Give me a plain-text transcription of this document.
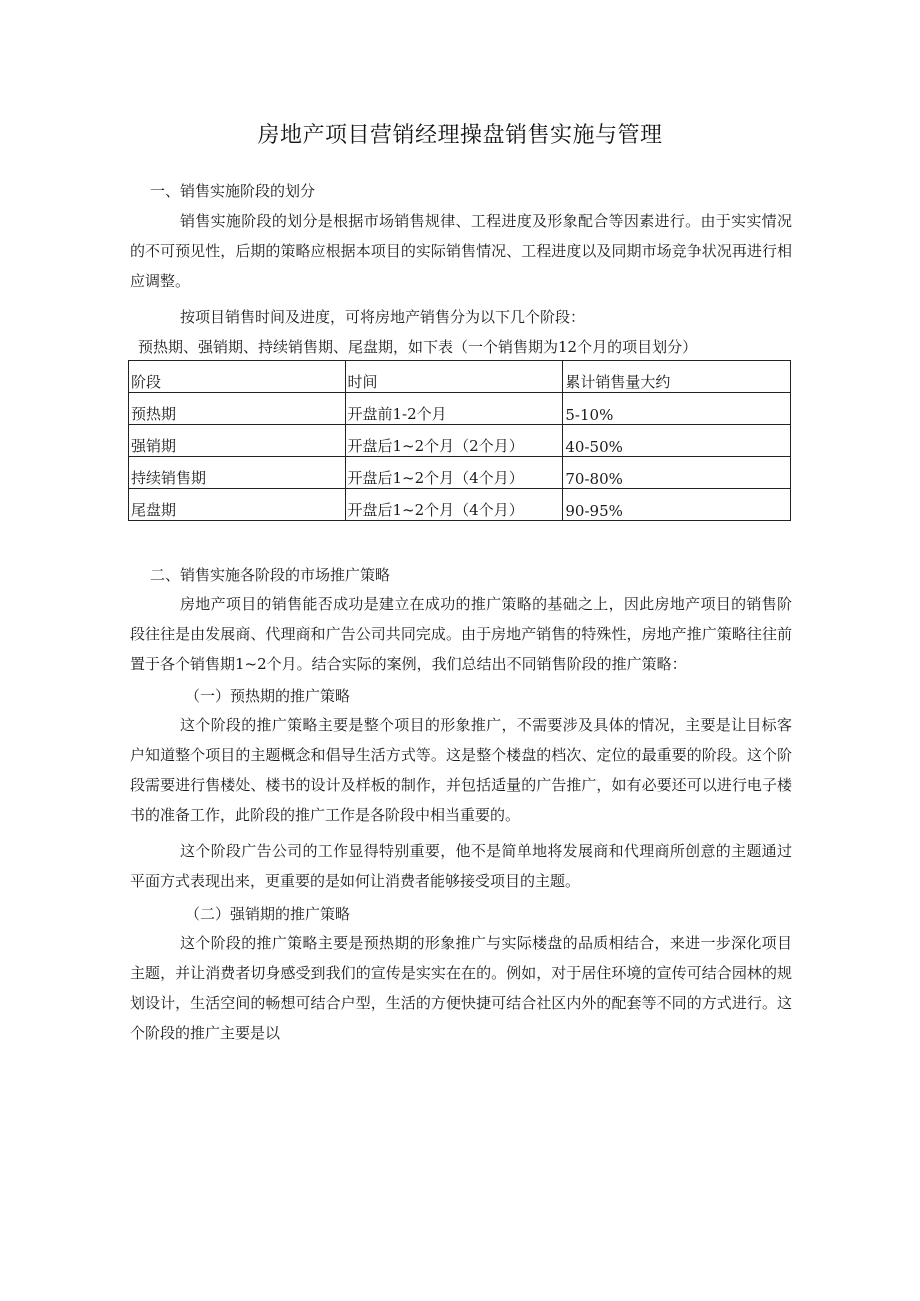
房地产项目营销经理操盘销售实施与管理
一、销售实施阶段的划分
销售实施阶段的划分是根据市场销售规律、工程进度及形象配合等因素进行。由于实实情况的不可预见性，后期的策略应根据本项目的实际销售情况、工程进度以及同期市场竞争状况再进行相应调整。
按项目销售时间及进度，可将房地产销售分为以下几个阶段：
预热期、强销期、持续销售期、尾盘期，如下表（一个销售期为12个月的项目划分）
阶段	时间	累计销售量大约
预热期	开盘前1-2个月	5-10%
强销期	开盘后1~2个月（2个月）	40-50%
持续销售期	开盘后1~2个月（4个月）	70-80%
尾盘期	开盘后1~2个月（4个月）	90-95%
二、销售实施各阶段的市场推广策略
房地产项目的销售能否成功是建立在成功的推广策略的基础之上，因此房地产项目的销售阶段往往是由发展商、代理商和广告公司共同完成。由于房地产销售的特殊性，房地产推广策略往往前置于各个销售期1~2个月。结合实际的案例，我们总结出不同销售阶段的推广策略：
（一）预热期的推广策略
这个阶段的推广策略主要是整个项目的形象推广，不需要涉及具体的情况，主要是让目标客户知道整个项目的主题概念和倡导生活方式等。这是整个楼盘的档次、定位的最重要的阶段。这个阶段需要进行售楼处、楼书的设计及样板的制作，并包括适量的广告推广，如有必要还可以进行电子楼书的准备工作，此阶段的推广工作是各阶段中相当重要的。
这个阶段广告公司的工作显得特别重要，他不是简单地将发展商和代理商所创意的主题通过平面方式表现出来，更重要的是如何让消费者能够接受项目的主题。
（二）强销期的推广策略
这个阶段的推广策略主要是预热期的形象推广与实际楼盘的品质相结合，来进一步深化项目主题，并让消费者切身感受到我们的宣传是实实在在的。例如，对于居住环境的宣传可结合园林的规划设计，生活空间的畅想可结合户型，生活的方便快捷可结合社区内外的配套等不同的方式进行。这个阶段的推广主要是以
